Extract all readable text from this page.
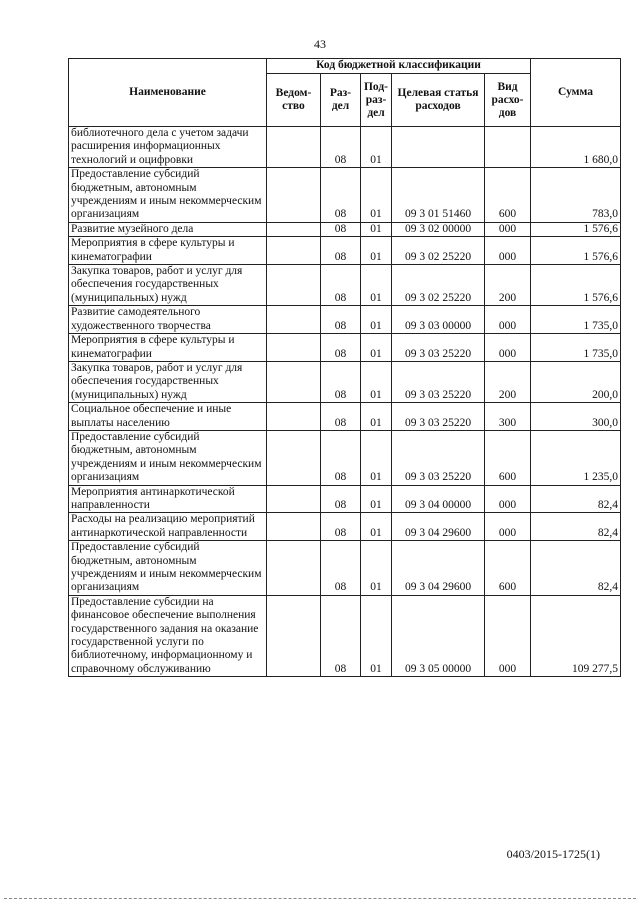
43
Наименование	Код бюджетной классификации					Сумма
	Ведом-ство	Раз-дел	Под-раз-дел	Целевая статья расходов	Вид расхо-дов	
библиотечного дела с учетом задачи расширения информационных технологий и оцифровки		08	01			1 680,0
Предоставление субсидий бюджетным, автономным учреждениям и иным некоммерческим организациям		08	01	09 3 01 51460	600	783,0
Развитие музейного дела		08	01	09 3 02 00000	000	1 576,6
Мероприятия в сфере культуры и кинематографии		08	01	09 3 02 25220	000	1 576,6
Закупка товаров, работ и услуг для обеспечения государственных (муниципальных) нужд		08	01	09 3 02 25220	200	1 576,6
Развитие самодеятельного художественного творчества		08	01	09 3 03 00000	000	1 735,0
Мероприятия в сфере культуры и кинематографии		08	01	09 3 03 25220	000	1 735,0
Закупка товаров, работ и услуг для обеспечения государственных (муниципальных) нужд		08	01	09 3 03 25220	200	200,0
Социальное обеспечение и иные выплаты населению		08	01	09 3 03 25220	300	300,0
Предоставление субсидий бюджетным, автономным учреждениям и иным некоммерческим организациям		08	01	09 3 03 25220	600	1 235,0
Мероприятия антинаркотической направленности		08	01	09 3 04 00000	000	82,4
Расходы на реализацию мероприятий антинаркотической направленности		08	01	09 3 04 29600	000	82,4
Предоставление субсидий бюджетным, автономным учреждениям и иным некоммерческим организациям		08	01	09 3 04 29600	600	82,4
Предоставление субсидии на финансовое обеспечение выполнения государственного задания на оказание государственной услуги по библиотечному, информационному и справочному обслуживанию		08	01	09 3 05 00000	000	109 277,5
0403/2015-1725(1)
